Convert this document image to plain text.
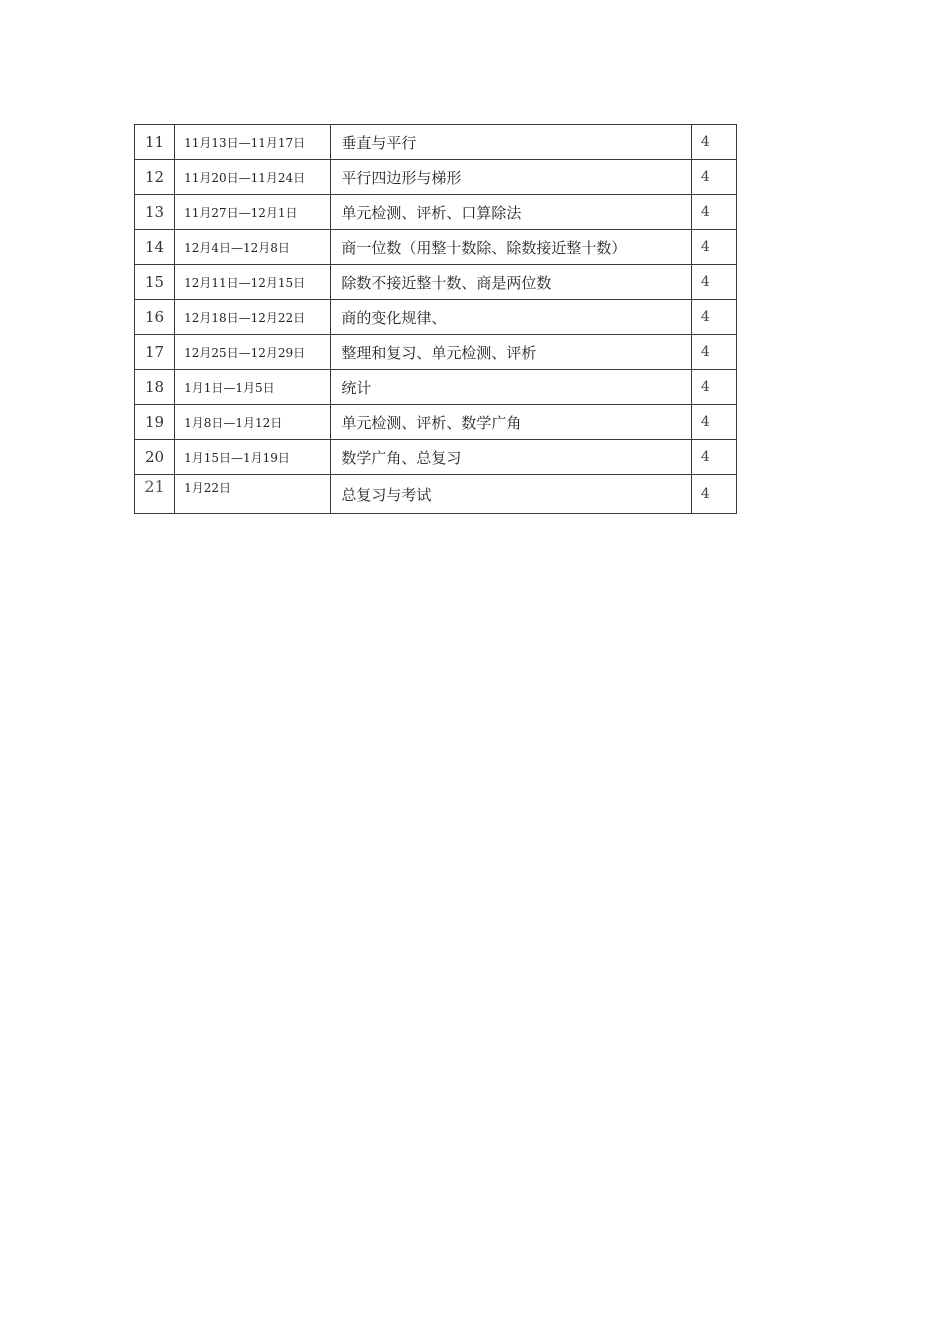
11	11月13日—11月17日	垂直与平行	4
12	11月20日—11月24日	平行四边形与梯形	4
13	11月27日—12月1日	单元检测、评析、口算除法	4
14	12月4日—12月8日	商一位数（用整十数除、除数接近整十数）	4
15	12月11日—12月15日	除数不接近整十数、商是两位数	4
16	12月18日—12月22日	商的变化规律、	4
17	12月25日—12月29日	整理和复习、单元检测、评析	4
18	1月1日—1月5日	统计	4
19	1月8日—1月12日	单元检测、评析、数学广角	4
20	1月15日—1月19日	数学广角、总复习	4
21	1月22日	总复习与考试	4
